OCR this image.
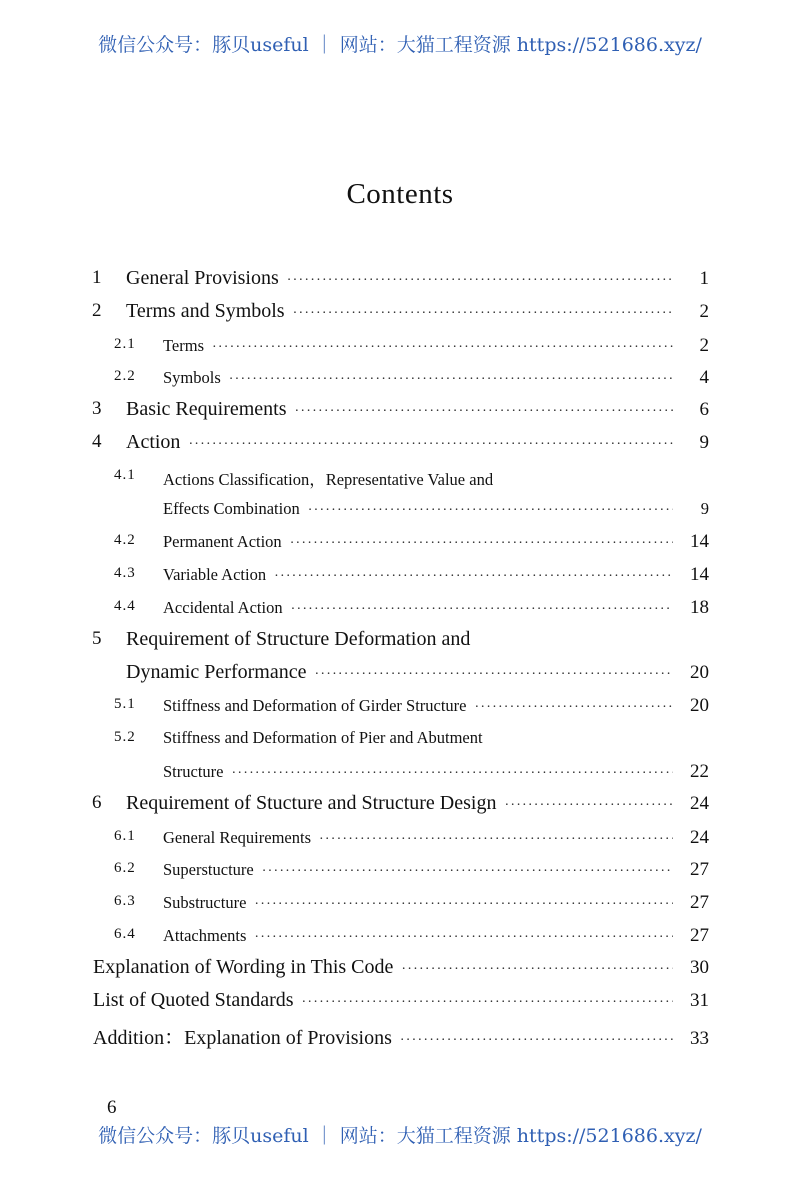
微信公众号：豚贝useful ｜ 网站：大猫工程资源 https://521686.xyz/
Contents
1 General Provisions ·····	1
2 Terms and Symbols ·····	2
2.1 Terms ·····	2
2.2 Symbols ·····	4
3 Basic Requirements ·····	6
4 Action ·····	9
4.1 Actions Classification，Representative Value and
Effects Combination ·····	9
4.2 Permanent Action ·····	14
4.3 Variable Action ·····	14
4.4 Accidental Action ·····	18
5 Requirement of Structure Deformation and
Dynamic Performance ·····	20
5.1 Stiffness and Deformation of Girder Structure ·····	20
5.2 Stiffness and Deformation of Pier and Abutment
Structure ·····	22
6 Requirement of Stucture and Structure Design ·····	24
6.1 General Requirements ·····	24
6.2 Superstucture ·····	27
6.3 Substructure ·····	27
6.4 Attachments ·····	27
Explanation of Wording in This Code ·····	30
List of Quoted Standards ·····	31
Addition：Explanation of Provisions ·····	33
6
微信公众号：豚贝useful ｜ 网站：大猫工程资源 https://521686.xyz/
